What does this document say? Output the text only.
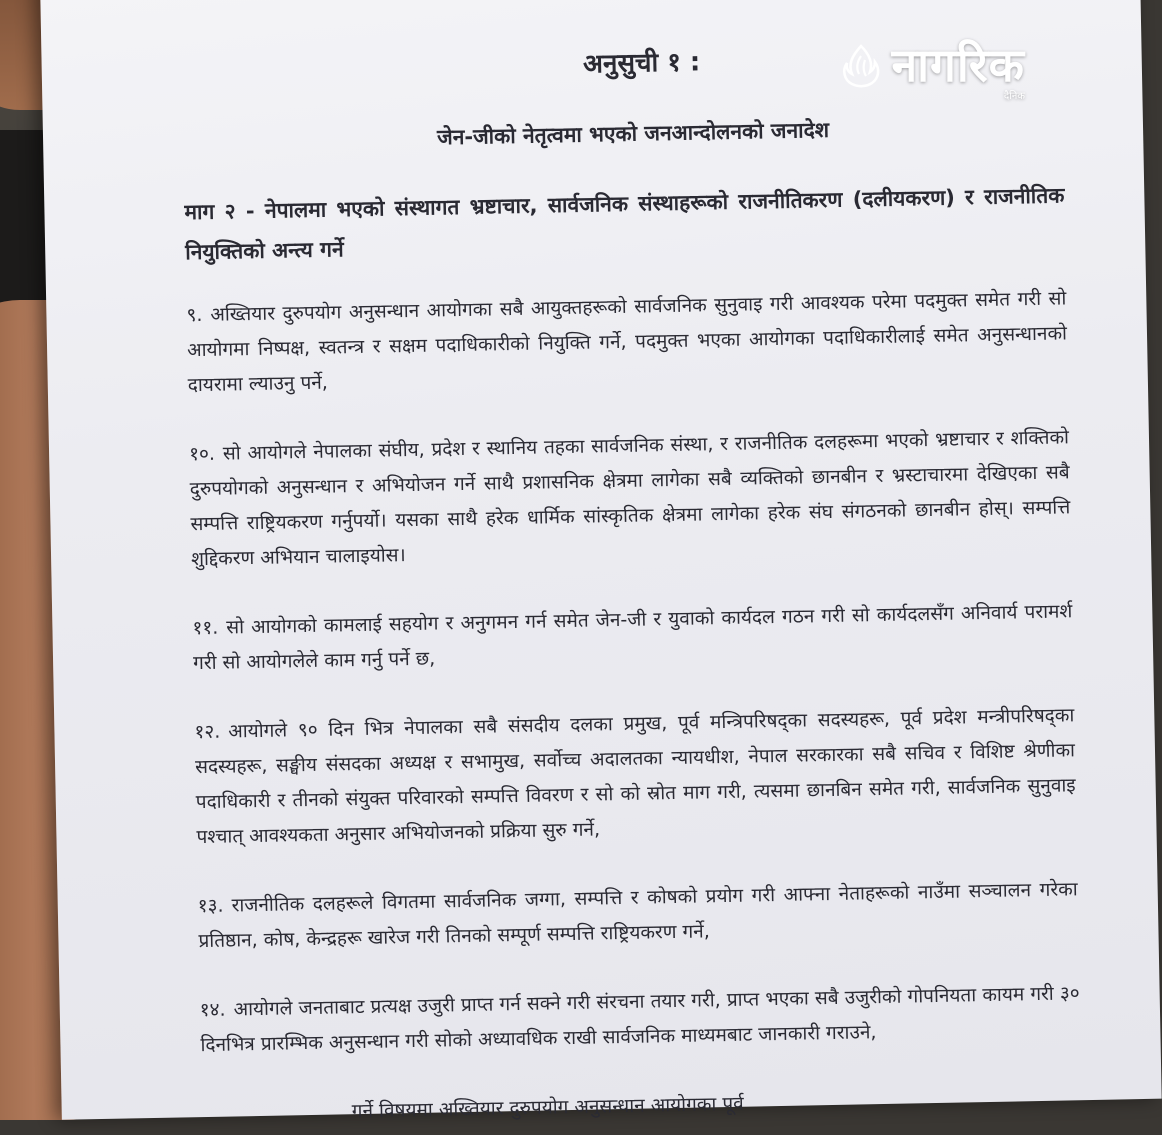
अनुसुची १ :
जेन-जीको नेतृत्वमा भएको जनआन्दोलनको जनादेश
माग २ - नेपालमा भएको संस्थागत भ्रष्टाचार, सार्वजनिक संस्थाहरूको राजनीतिकरण (दलीयकरण) र राजनीतिक नियुक्तिको अन्त्य गर्ने
९. अख्तियार दुरुपयोग अनुसन्धान आयोगका सबै आयुक्तहरूको सार्वजनिक सुनुवाइ गरी आवश्यक परेमा पदमुक्त समेत गरी सो आयोगमा निष्पक्ष, स्वतन्त्र र सक्षम पदाधिकारीको नियुक्ति गर्ने, पदमुक्त भएका आयोगका पदाधिकारीलाई समेत अनुसन्धानको दायरामा ल्याउनु पर्ने,
१०. सो आयोगले नेपालका संघीय, प्रदेश र स्थानिय तहका सार्वजनिक संस्था, र राजनीतिक दलहरूमा भएको भ्रष्टाचार र शक्तिको दुरुपयोगको अनुसन्धान र अभियोजन गर्ने साथै प्रशासनिक क्षेत्रमा लागेका सबै व्यक्तिको छानबीन र भ्रस्टाचारमा देखिएका सबै सम्पत्ति राष्ट्रियकरण गर्नुपर्यो। यसका साथै हरेक धार्मिक सांस्कृतिक क्षेत्रमा लागेका हरेक संघ संगठनको छानबीन होस्। सम्पत्ति शुद्दिकरण अभियान चालाइयोस।
११. सो आयोगको कामलाई सहयोग र अनुगमन गर्न समेत जेन-जी र युवाको कार्यदल गठन गरी सो कार्यदलसँग अनिवार्य परामर्श गरी सो आयोगलेले काम गर्नु पर्ने छ,
१२. आयोगले ९० दिन भित्र नेपालका सबै संसदीय दलका प्रमुख, पूर्व मन्त्रिपरिषद्का सदस्यहरू, पूर्व प्रदेश मन्त्रीपरिषद्का सदस्यहरू, सङ्घीय संसदका अध्यक्ष र सभामुख, सर्वोच्च अदालतका न्यायधीश, नेपाल सरकारका सबै सचिव र विशिष्ट श्रेणीका पदाधिकारी र तीनको संयुक्त परिवारको सम्पत्ति विवरण र सो को स्रोत माग गरी, त्यसमा छानबिन समेत गरी, सार्वजनिक सुनुवाइ पश्चात् आवश्यकता अनुसार अभियोजनको प्रक्रिया सुरु गर्ने,
१३. राजनीतिक दलहरूले विगतमा सार्वजनिक जग्गा, सम्पत्ति र कोषको प्रयोग गरी आफ्ना नेताहरूको नाउँमा सञ्चालन गरेका प्रतिष्ठान, कोष, केन्द्रहरू खारेज गरी तिनको सम्पूर्ण सम्पत्ति राष्ट्रियकरण गर्ने,
१४. आयोगले जनताबाट प्रत्यक्ष उजुरी प्राप्त गर्न सक्ने गरी संरचना तयार गरी, प्राप्त भएका सबै उजुरीको गोपनियता कायम गरी ३० दिनभित्र प्रारम्भिक अनुसन्धान गरी सोको अध्यावधिक राखी सार्वजनिक माध्यमबाट जानकारी गराउने,
गर्ने विषयमा अख्तियार दुरुपयोग अनुसन्धान आयोगका पूर्व
नागरिक
दैनिक
